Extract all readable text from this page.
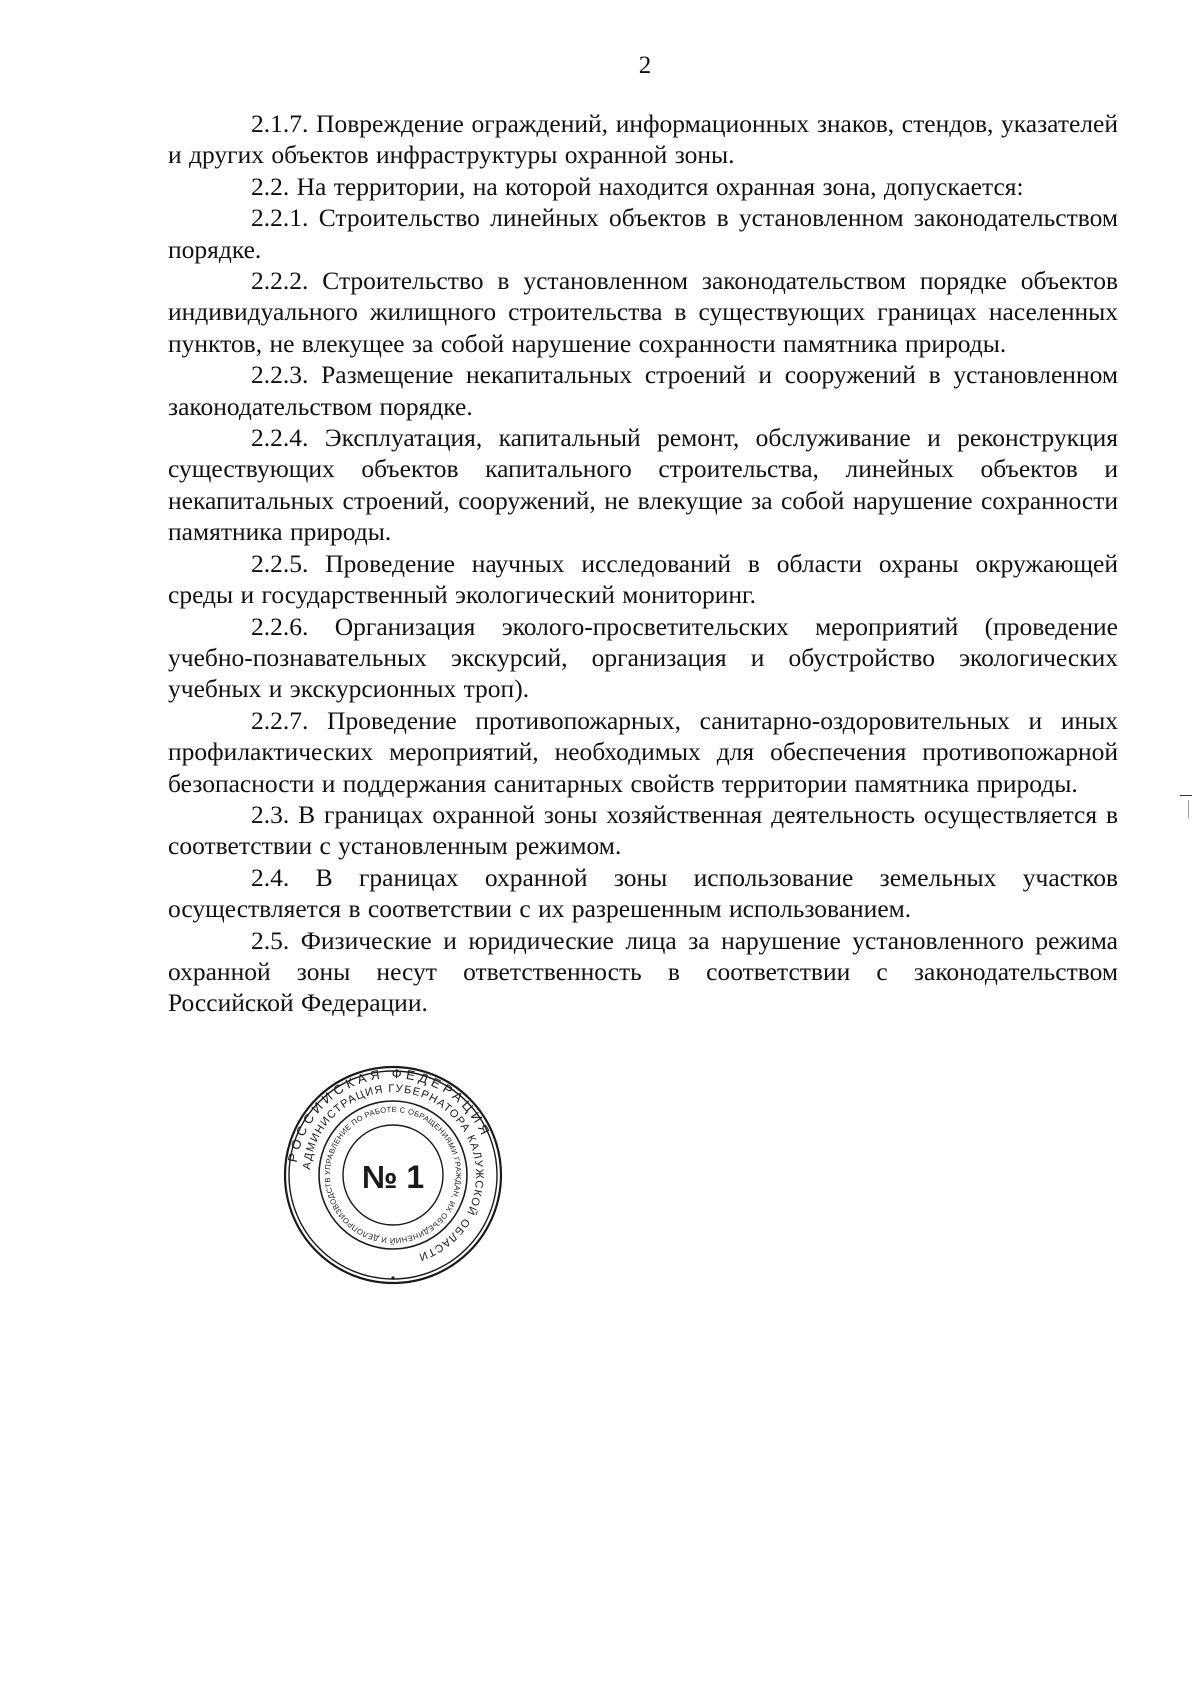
2

2.1.7. Повреждение ограждений, информационных знаков, стендов, указателей и других объектов инфраструктуры охранной зоны.

2.2. На территории, на которой находится охранная зона, допускается:

2.2.1. Строительство линейных объектов в установленном законодательством порядке.

2.2.2. Строительство в установленном законодательством порядке объектов индивидуального жилищного строительства в существующих границах населенных пунктов, не влекущее за собой нарушение сохранности памятника природы.

2.2.3. Размещение некапитальных строений и сооружений в установленном законодательством порядке.

2.2.4. Эксплуатация, капитальный ремонт, обслуживание и реконструкция существующих объектов капитального строительства, линейных объектов и некапитальных строений, сооружений, не влекущие за собой нарушение сохранности памятника природы.

2.2.5. Проведение научных исследований в области охраны окружающей среды и государственный экологический мониторинг.

2.2.6. Организация эколого-просветительских мероприятий (проведение учебно-познавательных экскурсий, организация и обустройство экологических учебных и экскурсионных троп).

2.2.7. Проведение противопожарных, санитарно-оздоровительных и иных профилактических мероприятий, необходимых для обеспечения противопожарной безопасности и поддержания санитарных свойств территории памятника природы.

2.3. В границах охранной зоны хозяйственная деятельность осуществляется в соответствии с установленным режимом.

2.4. В границах охранной зоны использование земельных участков осуществляется в соответствии с их разрешенным использованием.

2.5. Физические и юридические лица за нарушение установленного режима охранной зоны несут ответственность в соответствии с законодательством Российской Федерации.

РОССИЙСКАЯ ФЕДЕРАЦИЯ
АДМИНИСТРАЦИЯ ГУБЕРНАТОРА КАЛУЖСКОЙ ОБЛАСТИ
УПРАВЛЕНИЕ ПО РАБОТЕ С ОБРАЩЕНИЯМИ ГРАЖДАН, ИХ ОБЪЕДИНЕНИЙ И ДЕЛОПРОИЗВОДСТВ № 1
